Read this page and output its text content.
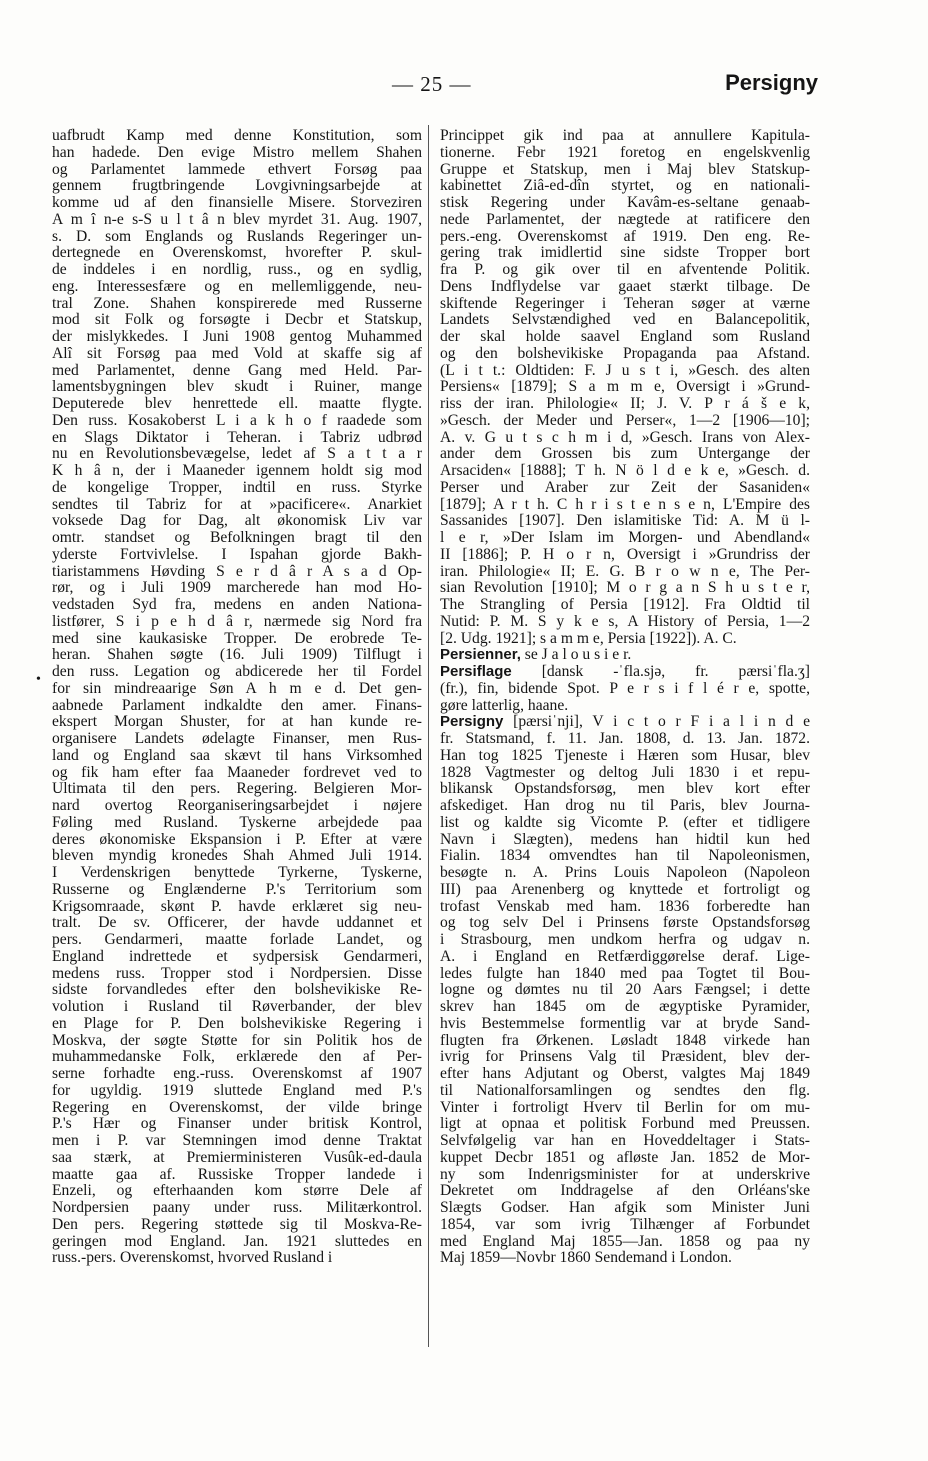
— 25 —	Persigny
•
uafbrudt Kamp med denne Konstitution, som
han hadede. Den evige Mistro mellem Shahen
og Parlamentet lammede ethvert Forsøg paa
gennem frugtbringende Lovgivningsarbejde at
komme ud af den finansielle Misere. Storveziren
A m î n-e s-S u l t â n blev myrdet 31. Aug. 1907,
s. D. som Englands og Ruslands Regeringer un-
dertegnede en Overenskomst, hvorefter P. skul-
de inddeles i en nordlig, russ., og en sydlig,
eng. Interessesfære og en mellemliggende, neu-
tral Zone. Shahen konspirerede med Russerne
mod sit Folk og forsøgte i Decbr et Statskup,
der mislykkedes. I Juni 1908 gentog Muhammed
Alî sit Forsøg paa med Vold at skaffe sig af
med Parlamentet, denne Gang med Held. Par-
lamentsbygningen blev skudt i Ruiner, mange
Deputerede blev henrettede ell. maatte flygte.
Den russ. Kosakoberst L i a k h o f raadede som
en Slags Diktator i Teheran. i Tabriz udbrød
nu en Revolutionsbevægelse, ledet af S a t t a r
K h â n, der i Maaneder igennem holdt sig mod
de kongelige Tropper, indtil en russ. Styrke
sendtes til Tabriz for at »pacificere«. Anarkiet
voksede Dag for Dag, alt økonomisk Liv var
omtr. standset og Befolkningen bragt til den
yderste Fortvivlelse. I Ispahan gjorde Bakh-
tiaristammens Høvding S e r d â r A s a d Op-
rør, og i Juli 1909 marcherede han mod Ho-
vedstaden Syd fra, medens en anden Nationa-
listfører, S i p e h d â r, nærmede sig Nord fra
med sine kaukasiske Tropper. De erobrede Te-
heran. Shahen søgte (16. Juli 1909) Tilflugt i
den russ. Legation og abdicerede her til Fordel
for sin mindreaarige Søn A h m e d. Det gen-
aabnede Parlament indkaldte den amer. Finans-
ekspert Morgan Shuster, for at han kunde re-
organisere Landets ødelagte Finanser, men Rus-
land og England saa skævt til hans Virksomhed
og fik ham efter faa Maaneder fordrevet ved to
Ultimata til den pers. Regering. Belgieren Mor-
nard overtog Reorganiseringsarbejdet i nøjere
Føling med Rusland. Tyskerne arbejdede paa
deres økonomiske Ekspansion i P. Efter at være
bleven myndig kronedes Shah Ahmed Juli 1914.
I Verdenskrigen benyttede Tyrkerne, Tyskerne,
Russerne og Englænderne P.'s Territorium som
Krigsomraade, skønt P. havde erklæret sig neu-
tralt. De sv. Officerer, der havde uddannet et
pers. Gendarmeri, maatte forlade Landet, og
England indrettede et sydpersisk Gendarmeri,
medens russ. Tropper stod i Nordpersien. Disse
sidste forvandledes efter den bolshevikiske Re-
volution i Rusland til Røverbander, der blev
en Plage for P. Den bolshevikiske Regering i
Moskva, der søgte Støtte for sin Politik hos de
muhammedanske Folk, erklærede den af Per-
serne forhadte eng.-russ. Overenskomst af 1907
for ugyldig. 1919 sluttede England med P.'s
Regering en Overenskomst, der vilde bringe
P.'s Hær og Finanser under britisk Kontrol,
men i P. var Stemningen imod denne Traktat
saa stærk, at Premierministeren Vusûk-ed-daula
maatte gaa af. Russiske Tropper landede i
Enzeli, og efterhaanden kom større Dele af
Nordpersien paany under russ. Militærkontrol.
Den pers. Regering støttede sig til Moskva-Re-
geringen mod England. Jan. 1921 sluttedes en
russ.-pers. Overenskomst, hvorved Rusland i
Princippet gik ind paa at annullere Kapitula-
tionerne. Febr 1921 foretog en engelskvenlig
Gruppe et Statskup, men i Maj blev Statskup-
kabinettet Ziâ-ed-dîn styrtet, og en nationali-
stisk Regering under Kavâm-es-seltane genaab-
nede Parlamentet, der nægtede at ratificere den
pers.-eng. Overenskomst af 1919. Den eng. Re-
gering trak imidlertid sine sidste Tropper bort
fra P. og gik over til en afventende Politik.
Dens Indflydelse var gaaet stærkt tilbage. De
skiftende Regeringer i Teheran søger at værne
Landets Selvstændighed ved en Balancepolitik,
der skal holde saavel England som Rusland
og den bolshevikiske Propaganda paa Afstand.
(L i t t.: Oldtiden: F. J u s t i, »Gesch. des alten
Persiens« [1879]; S a m m e, Oversigt i »Grund-
riss der iran. Philologie« II; J. V. P r á š e k,
»Gesch. der Meder und Perser«, 1—2 [1906—10];
A. v. G u t s c h m i d, »Gesch. Irans von Alex-
ander dem Grossen bis zum Untergange der
Arsaciden« [1888]; T h. N ö l d e k e, »Gesch. d.
Perser und Araber zur Zeit der Sasaniden«
[1879]; A r t h. C h r i s t e n s e n, L'Empire des
Sassanides [1907]. Den islamitiske Tid: A. M ü l-
l e r, »Der Islam im Morgen- und Abendland«
II [1886]; P. H o r n, Oversigt i »Grundriss der
iran. Philologie« II; E. G. B r o w n e, The Per-
sian Revolution [1910]; M o r g a n S h u s t e r,
The Strangling of Persia [1912]. Fra Oldtid til
Nutid: P. M. S y k e s, A History of Persia, 1—2
[2. Udg. 1921]; s a m m e, Persia [1922]). A. C.
Persienner, se J a l o u s i e r.
Persiflage [dansk -ˈfla.sjə, fr. pærsiˈfla.ʒ]
(fr.), fin, bidende Spot. P e r s i f l é r e, spotte,
gøre latterlig, haane.
Persigny [pærsiˈnji], V i c t o r F i a l i n d e
fr. Statsmand, f. 11. Jan. 1808, d. 13. Jan. 1872.
Han tog 1825 Tjeneste i Hæren som Husar, blev
1828 Vagtmester og deltog Juli 1830 i et repu-
blikansk Opstandsforsøg, men blev kort efter
afskediget. Han drog nu til Paris, blev Journa-
list og kaldte sig Vicomte P. (efter et tidligere
Navn i Slægten), medens han hidtil kun hed
Fialin. 1834 omvendtes han til Napoleonismen,
besøgte n. A. Prins Louis Napoleon (Napoleon
III) paa Arenenberg og knyttede et fortroligt og
trofast Venskab med ham. 1836 forberedte han
og tog selv Del i Prinsens første Opstandsforsøg
i Strasbourg, men undkom herfra og udgav n.
A. i England en Retfærdiggørelse deraf. Lige-
ledes fulgte han 1840 med paa Togtet til Bou-
logne og dømtes nu til 20 Aars Fængsel; i dette
skrev han 1845 om de ægyptiske Pyramider,
hvis Bestemmelse formentlig var at bryde Sand-
flugten fra Ørkenen. Løsladt 1848 virkede han
ivrig for Prinsens Valg til Præsident, blev der-
efter hans Adjutant og Oberst, valgtes Maj 1849
til Nationalforsamlingen og sendtes den flg.
Vinter i fortroligt Hverv til Berlin for om mu-
ligt at opnaa et politisk Forbund med Preussen.
Selvfølgelig var han en Hoveddeltager i Stats-
kuppet Decbr 1851 og afløste Jan. 1852 de Mor-
ny som Indenrigsminister for at underskrive
Dekretet om Inddragelse af den Orléans'ske
Slægts Godser. Han afgik som Minister Juni
1854, var som ivrig Tilhænger af Forbundet
med England Maj 1855—Jan. 1858 og paa ny
Maj 1859—Novbr 1860 Sendemand i London.
